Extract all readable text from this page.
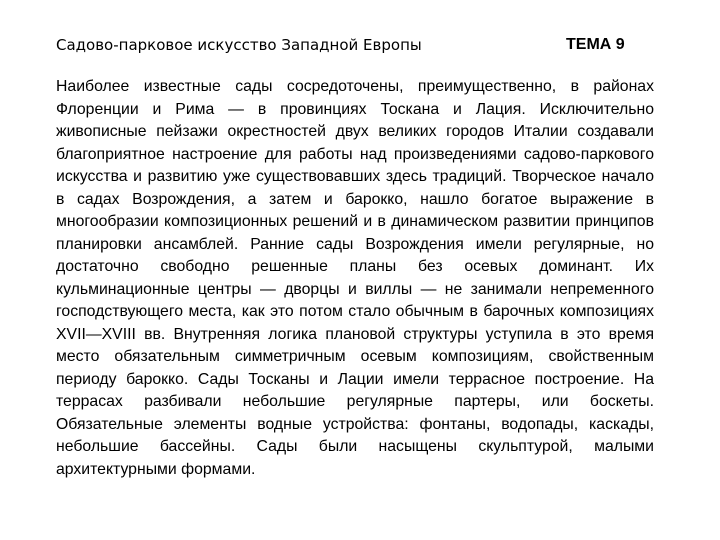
Садово-парковое искусство Западной Европы	ТЕМА 9

Наиболее известные сады сосредоточены, преимущественно, в районах Флоренции и Рима — в провинциях Тоскана и Лация. Исключительно живописные пейзажи окрестностей двух великих городов Италии создавали благоприятное настроение для работы над произведениями садово-паркового искусства и развитию уже существовавших здесь традиций. Творческое начало в садах Возрождения, а затем и барокко, нашло богатое выражение в многообразии композиционных решений и в динамическом развитии принципов планировки ансамблей. Ранние сады Возрождения имели регулярные, но достаточно свободно решенные планы без осевых доминант. Их кульминационные центры — дворцы и виллы — не занимали непременного господствующего места, как это потом стало обычным в барочных композициях XVII—XVIII вв. Внутренняя логика плановой структуры уступила в это время место обязательным симметричным осевым композициям, свойственным периоду барокко. Сады Тосканы и Лации имели террасное построение. На террасах разбивали небольшие регулярные партеры, или боскеты. Обязательные элементы водные устройства: фонтаны, водопады, каскады, небольшие бассейны. Сады были насыщены скульптурой, малыми архитектурными формами.
